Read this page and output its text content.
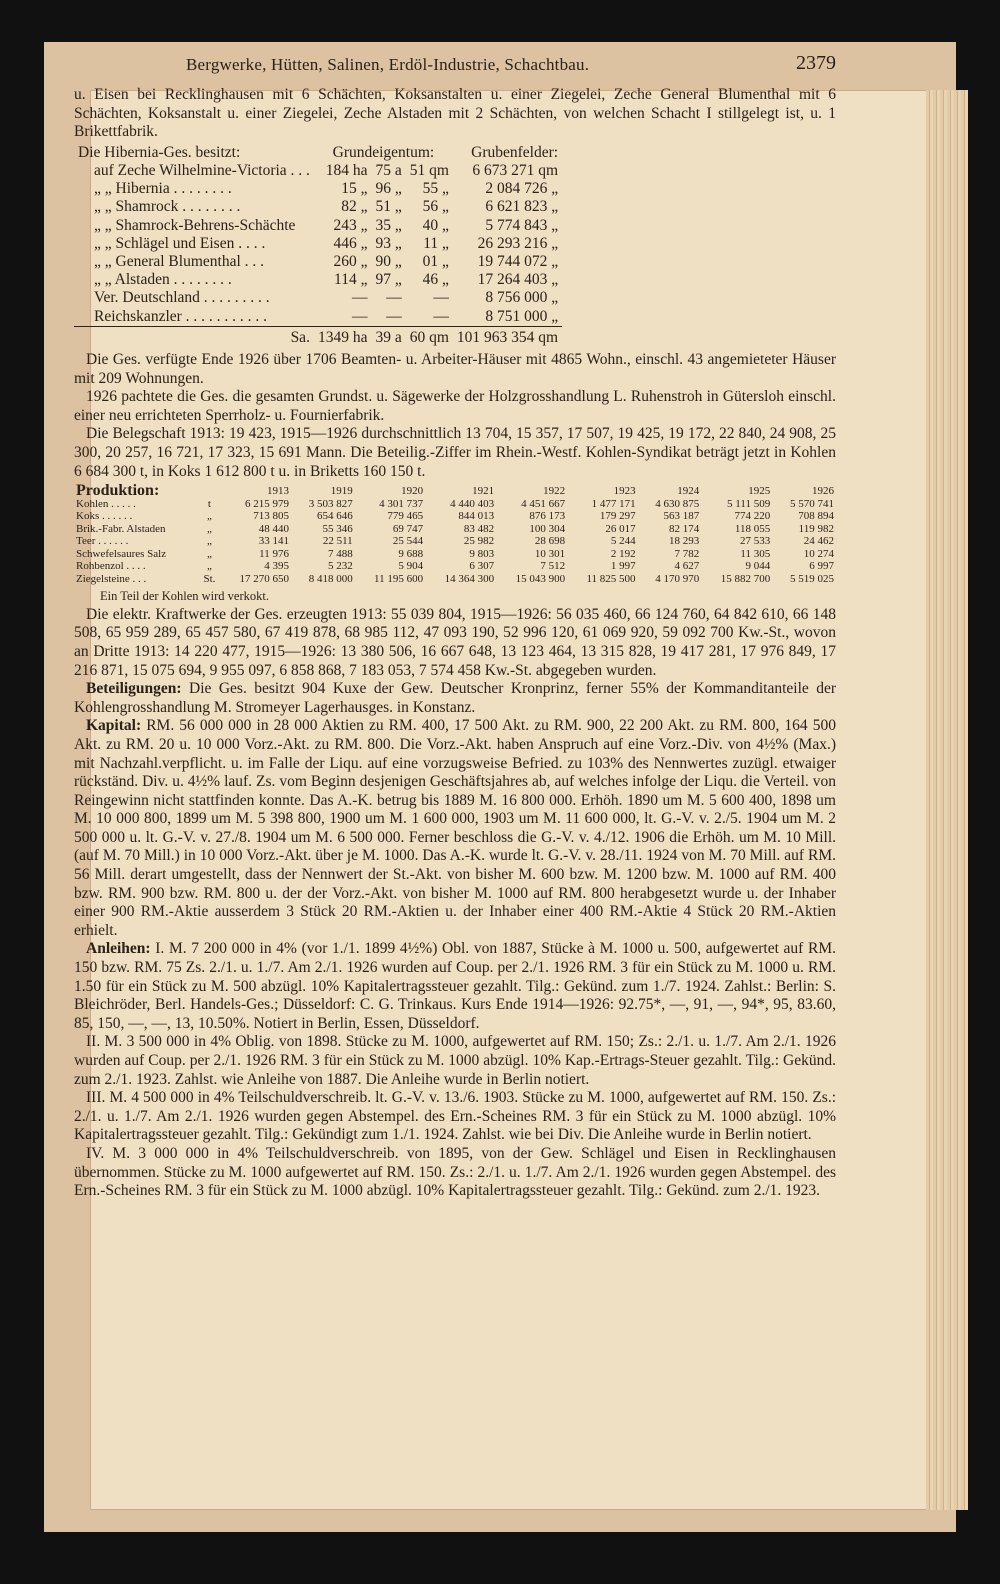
Bergwerke, Hütten, Salinen, Erdöl-Industrie, Schachtbau.	2379

u. Eisen bei Recklinghausen mit 6 Schächten, Koksanstalten u. einer Ziegelei, Zeche General Blumenthal mit 6 Schächten, Koksanstalt u. einer Ziegelei, Zeche Alstaden mit 2 Schächten, von welchen Schacht I stillgelegt ist, u. 1 Brikettfabrik.

Die Hibernia-Ges. besitzt:	Grundeigentum:			Grubenfelder:
auf Zeche Wilhelmine-Victoria . . .	184 ha	75 a	51 qm	6 673 271 qm
„ „ Hibernia . . . . . . . .	15 „	96 „	55 „	2 084 726 „
„ „ Shamrock . . . . . . . .	82 „	51 „	56 „	6 621 823 „
„ „ Shamrock-Behrens-Schächte	243 „	35 „	40 „	5 774 843 „
„ „ Schlägel und Eisen . . . .	446 „	93 „	11 „	26 293 216 „
„ „ General Blumenthal . . .	260 „	90 „	01 „	19 744 072 „
„ „ Alstaden . . . . . . . .	114 „	97 „	46 „	17 264 403 „
Ver. Deutschland . . . . . . . . .	—	—	—	8 756 000 „
Reichskanzler . . . . . . . . . . .	—	—	—	8 751 000 „
Sa.	1349 ha	39 a	60 qm	101 963 354 qm

Die Ges. verfügte Ende 1926 über 1706 Beamten- u. Arbeiter-Häuser mit 4865 Wohn., einschl. 43 angemieteter Häuser mit 209 Wohnungen.

1926 pachtete die Ges. die gesamten Grundst. u. Sägewerke der Holzgrosshandlung L. Ruhenstroh in Gütersloh einschl. einer neu errichteten Sperrholz- u. Fournierfabrik.

Die Belegschaft 1913: 19 423, 1915—1926 durchschnittlich 13 704, 15 357, 17 507, 19 425, 19 172, 22 840, 24 908, 25 300, 20 257, 16 721, 17 323, 15 691 Mann. Die Beteilig.-Ziffer im Rhein.-Westf. Kohlen-Syndikat beträgt jetzt in Kohlen 6 684 300 t, in Koks 1 612 800 t u. in Briketts 160 150 t.

Produktion:		1913	1919	1920	1921	1922	1923	1924	1925	1926
Kohlen . . . . .	t	6 215 979	3 503 827	4 301 737	4 440 403	4 451 667	1 477 171	4 630 875	5 111 509	5 570 741
Koks . . . . . .	„	713 805	654 646	779 465	844 013	876 173	179 297	563 187	774 220	708 894
Brik.-Fabr. Alstaden	„	48 440	55 346	69 747	83 482	100 304	26 017	82 174	118 055	119 982
Teer . . . . . .	„	33 141	22 511	25 544	25 982	28 698	5 244	18 293	27 533	24 462
Schwefelsaures Salz	„	11 976	7 488	9 688	9 803	10 301	2 192	7 782	11 305	10 274
Rohbenzol . . . .	„	4 395	5 232	5 904	6 307	7 512	1 997	4 627	9 044	6 997
Ziegelsteine . . .	St.	17 270 650	8 418 000	11 195 600	14 364 300	15 043 900	11 825 500	4 170 970	15 882 700	5 519 025
Ein Teil der Kohlen wird verkokt.

Die elektr. Kraftwerke der Ges. erzeugten 1913: 55 039 804, 1915—1926: 56 035 460, 66 124 760, 64 842 610, 66 148 508, 65 959 289, 65 457 580, 67 419 878, 68 985 112, 47 093 190, 52 996 120, 61 069 920, 59 092 700 Kw.-St., wovon an Dritte 1913: 14 220 477, 1915—1926: 13 380 506, 16 667 648, 13 123 464, 13 315 828, 19 417 281, 17 976 849, 17 216 871, 15 075 694, 9 955 097, 6 858 868, 7 183 053, 7 574 458 Kw.-St. abgegeben wurden.

Beteiligungen: Die Ges. besitzt 904 Kuxe der Gew. Deutscher Kronprinz, ferner 55% der Kommanditanteile der Kohlengrosshandlung M. Stromeyer Lagerhausges. in Konstanz.

Kapital: RM. 56 000 000 in 28 000 Aktien zu RM. 400, 17 500 Akt. zu RM. 900, 22 200 Akt. zu RM. 800, 164 500 Akt. zu RM. 20 u. 10 000 Vorz.-Akt. zu RM. 800. Die Vorz.-Akt. haben Anspruch auf eine Vorz.-Div. von 4½% (Max.) mit Nachzahl.verpflicht. u. im Falle der Liqu. auf eine vorzugsweise Befried. zu 103% des Nennwertes zuzügl. etwaiger rückständ. Div. u. 4½% lauf. Zs. vom Beginn desjenigen Geschäftsjahres ab, auf welches infolge der Liqu. die Verteil. von Reingewinn nicht stattfinden konnte. Das A.-K. betrug bis 1889 M. 16 800 000. Erhöh. 1890 um M. 5 600 400, 1898 um M. 10 000 800, 1899 um M. 5 398 800, 1900 um M. 1 600 000, 1903 um M. 11 600 000, lt. G.-V. v. 2./5. 1904 um M. 2 500 000 u. lt. G.-V. v. 27./8. 1904 um M. 6 500 000. Ferner beschloss die G.-V. v. 4./12. 1906 die Erhöh. um M. 10 Mill. (auf M. 70 Mill.) in 10 000 Vorz.-Akt. über je M. 1000. Das A.-K. wurde lt. G.-V. v. 28./11. 1924 von M. 70 Mill. auf RM. 56 Mill. derart umgestellt, dass der Nennwert der St.-Akt. von bisher M. 600 bzw. M. 1200 bzw. M. 1000 auf RM. 400 bzw. RM. 900 bzw. RM. 800 u. der der Vorz.-Akt. von bisher M. 1000 auf RM. 800 herabgesetzt wurde u. der Inhaber einer 900 RM.-Aktie ausserdem 3 Stück 20 RM.-Aktien u. der Inhaber einer 400 RM.-Aktie 4 Stück 20 RM.-Aktien erhielt.

Anleihen: I. M. 7 200 000 in 4% (vor 1./1. 1899 4½%) Obl. von 1887, Stücke à M. 1000 u. 500, aufgewertet auf RM. 150 bzw. RM. 75 Zs. 2./1. u. 1./7. Am 2./1. 1926 wurden auf Coup. per 2./1. 1926 RM. 3 für ein Stück zu M. 1000 u. RM. 1.50 für ein Stück zu M. 500 abzügl. 10% Kapitalertragssteuer gezahlt. Tilg.: Gekünd. zum 1./7. 1924. Zahlst.: Berlin: S. Bleichröder, Berl. Handels-Ges.; Düsseldorf: C. G. Trinkaus. Kurs Ende 1914—1926: 92.75*, —, 91, —, 94*, 95, 83.60, 85, 150, —, —, 13, 10.50%. Notiert in Berlin, Essen, Düsseldorf.

II. M. 3 500 000 in 4% Oblig. von 1898. Stücke zu M. 1000, aufgewertet auf RM. 150; Zs.: 2./1. u. 1./7. Am 2./1. 1926 wurden auf Coup. per 2./1. 1926 RM. 3 für ein Stück zu M. 1000 abzügl. 10% Kap.-Ertrags-Steuer gezahlt. Tilg.: Gekünd. zum 2./1. 1923. Zahlst. wie Anleihe von 1887. Die Anleihe wurde in Berlin notiert.

III. M. 4 500 000 in 4% Teilschuldverschreib. lt. G.-V. v. 13./6. 1903. Stücke zu M. 1000, aufgewertet auf RM. 150. Zs.: 2./1. u. 1./7. Am 2./1. 1926 wurden gegen Abstempel. des Ern.-Scheines RM. 3 für ein Stück zu M. 1000 abzügl. 10% Kapitalertragssteuer gezahlt. Tilg.: Gekündigt zum 1./1. 1924. Zahlst. wie bei Div. Die Anleihe wurde in Berlin notiert.

IV. M. 3 000 000 in 4% Teilschuldverschreib. von 1895, von der Gew. Schlägel und Eisen in Recklinghausen übernommen. Stücke zu M. 1000 aufgewertet auf RM. 150. Zs.: 2./1. u. 1./7. Am 2./1. 1926 wurden gegen Abstempel. des Ern.-Scheines RM. 3 für ein Stück zu M. 1000 abzügl. 10% Kapitalertragssteuer gezahlt. Tilg.: Gekünd. zum 2./1. 1923.
